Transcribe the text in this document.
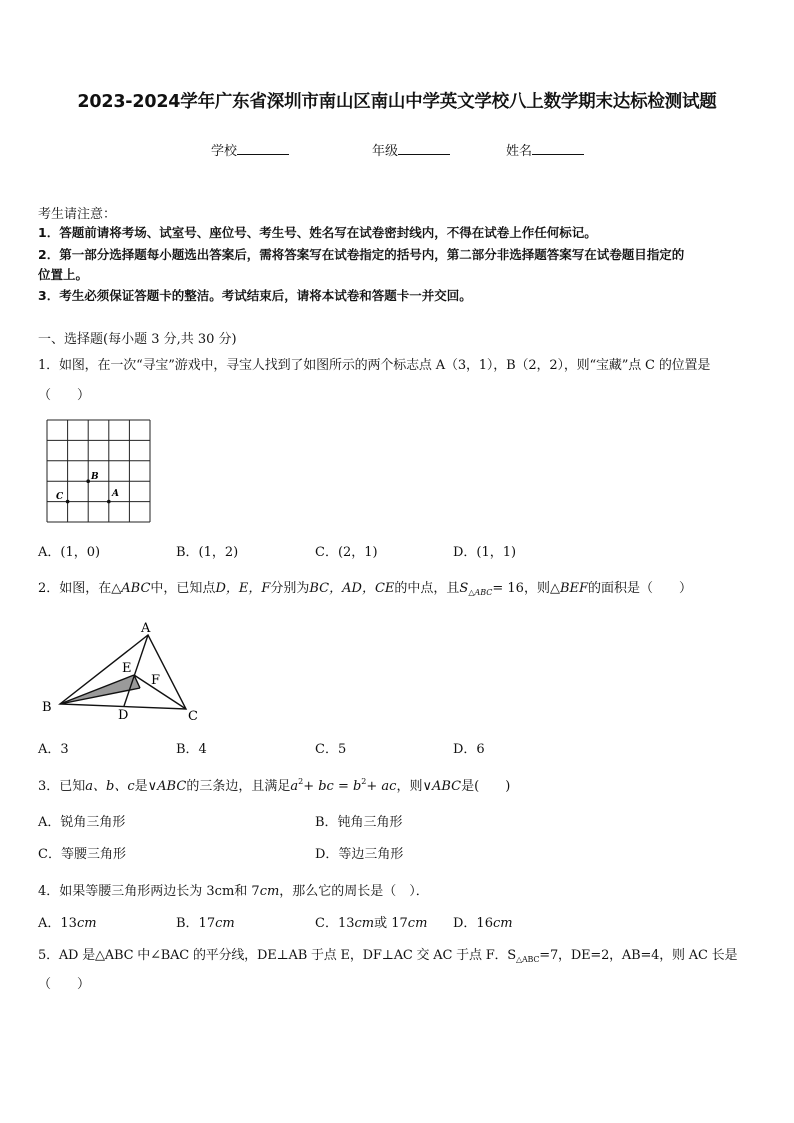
2023-2024学年广东省深圳市南山区南山中学英文学校八上数学期末达标检测试题
学校	年级	姓名
考生请注意：
1．答题前请将考场、试室号、座位号、考生号、姓名写在试卷密封线内，不得在试卷上作任何标记。
2．第一部分选择题每小题选出答案后，需将答案写在试卷指定的括号内，第二部分非选择题答案写在试卷题目指定的
位置上。
3．考生必须保证答题卡的整洁。考试结束后，请将本试卷和答题卡一并交回。
一、选择题(每小题 3 分,共 30 分)
1．如图，在一次“寻宝”游戏中，寻宝人找到了如图所示的两个标志点 A（3，1），B（2，2），则“宝藏”点 C 的位置是
（　　）
B
A
C
A．(1，0)	B．(1，2)	C．(2，1)	D．(1，1)
2．如图，在△ABC中，已知点D，E，F分别为BC，AD，CE的中点，且$S_{\triangle ABC}= 16$，则△BEF的面积是（　　）
A
B
C
D
E
F
A．3	B．4	C．5	D．6
3．已知a、b、c是∨ABC的三条边，且满足$a^2+$ bc = $b^2+$ ac，则∨ABC是(　　)
A．锐角三角形	B．钝角三角形
C．等腰三角形	D．等边三角形
4．如果等腰三角形两边长为 3cm和 7cm，那么它的周长是（　）．
A．13cm	B．17cm	C．13cm或 17cm D．16cm
5．AD 是△ABC 中∠BAC 的平分线，DE⊥AB 于点 E，DF⊥AC 交 AC 于点 F．$S_{\triangle ABC}=7$，DE=2，AB=4，则 AC 长是
（　　）
